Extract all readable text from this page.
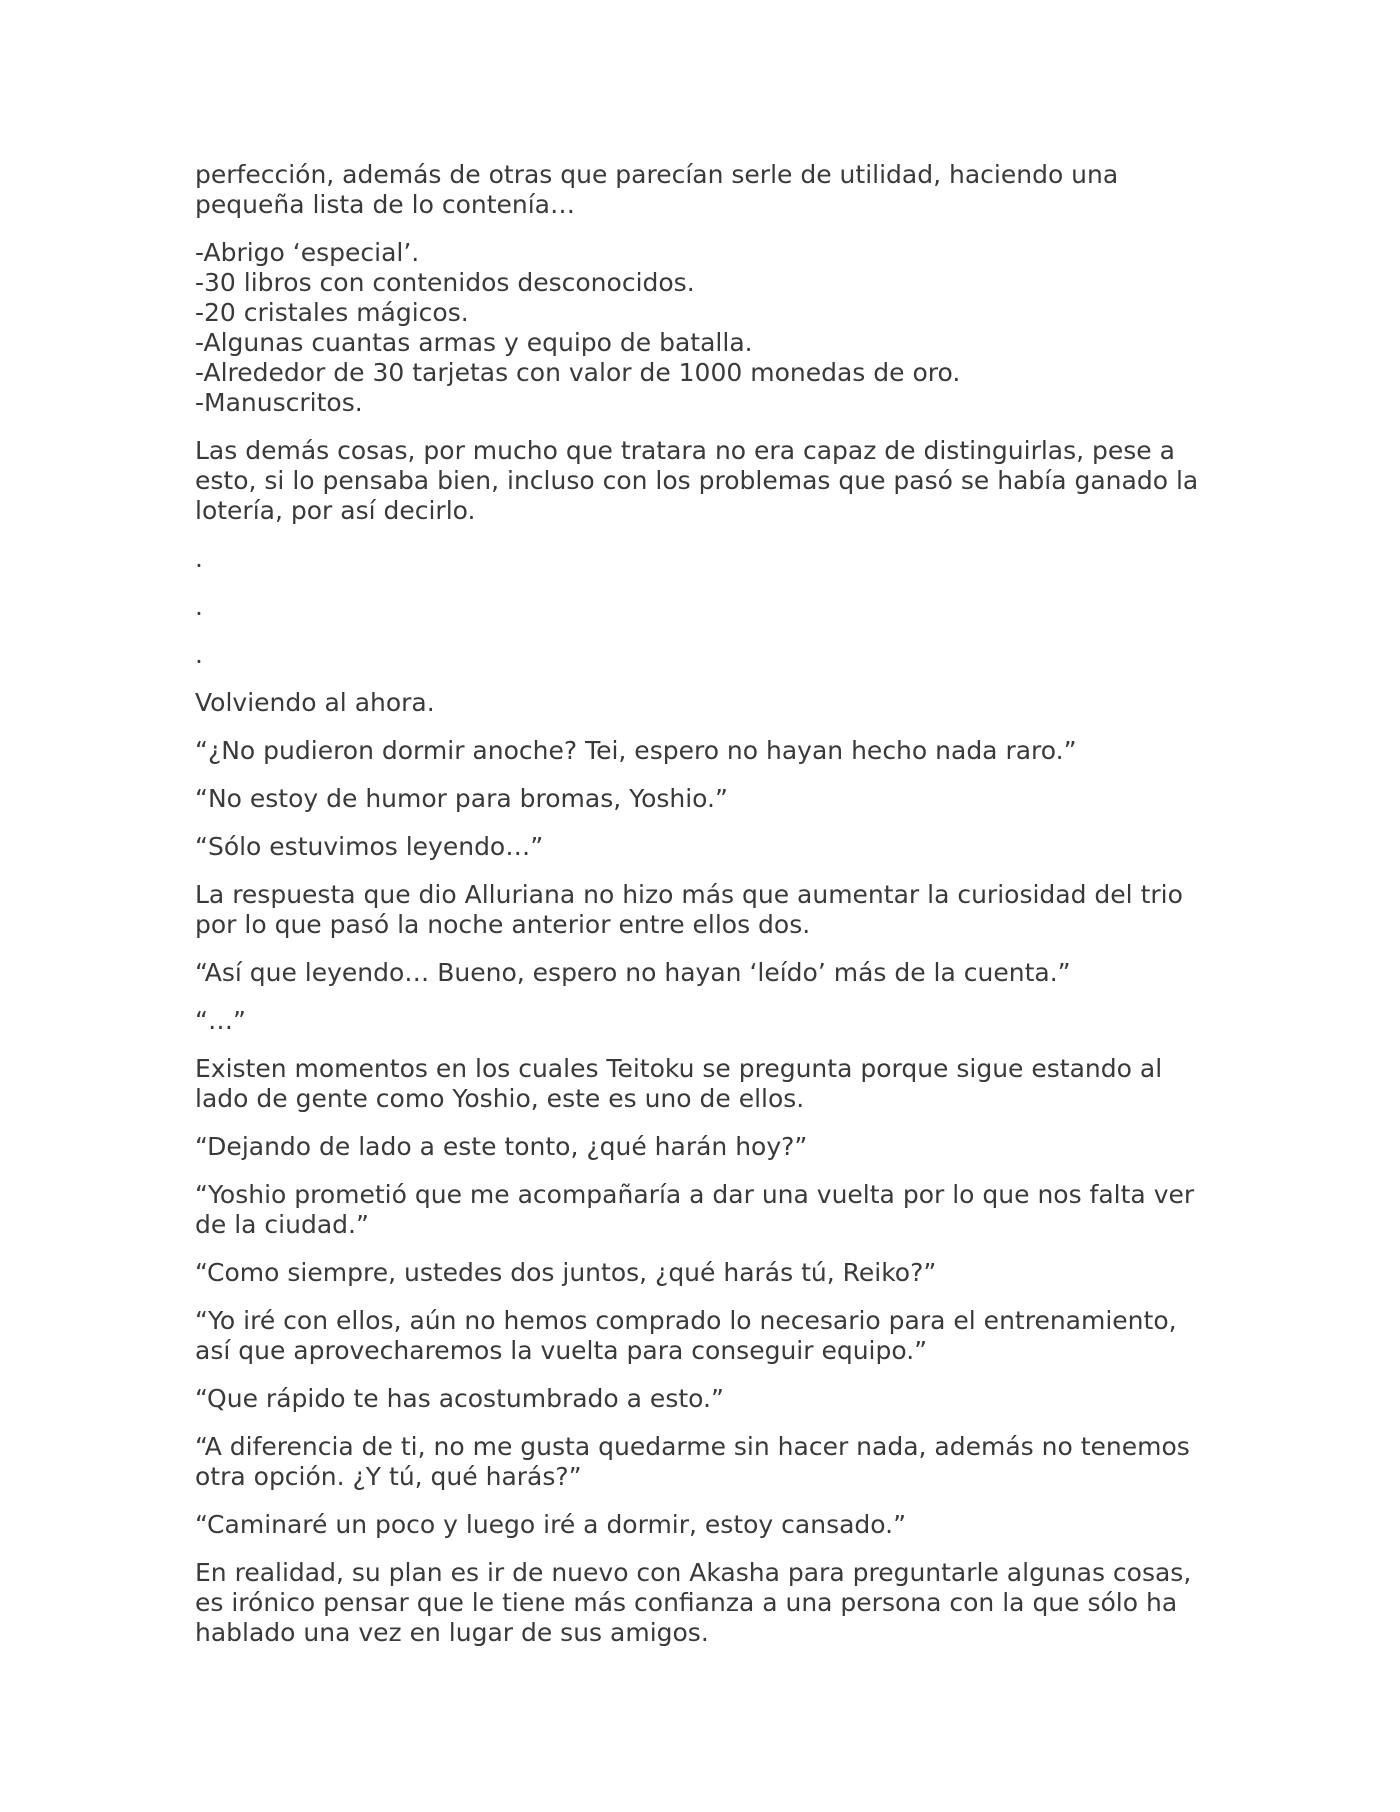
perfección, además de otras que parecían serle de utilidad, haciendo una pequeña lista de lo contenía…

-Abrigo ‘especial’.
-30 libros con contenidos desconocidos.
-20 cristales mágicos.
-Algunas cuantas armas y equipo de batalla.
-Alrededor de 30 tarjetas con valor de 1000 monedas de oro.
-Manuscritos.

Las demás cosas, por mucho que tratara no era capaz de distinguirlas, pese a esto, si lo pensaba bien, incluso con los problemas que pasó se había ganado la lotería, por así decirlo.

.
.
.

Volviendo al ahora.

“¿No pudieron dormir anoche? Tei, espero no hayan hecho nada raro.”

“No estoy de humor para bromas, Yoshio.”

“Sólo estuvimos leyendo…”

La respuesta que dio Alluriana no hizo más que aumentar la curiosidad del trio por lo que pasó la noche anterior entre ellos dos.

“Así que leyendo… Bueno, espero no hayan ‘leído’ más de la cuenta.”

“…”

Existen momentos en los cuales Teitoku se pregunta porque sigue estando al lado de gente como Yoshio, este es uno de ellos.

“Dejando de lado a este tonto, ¿qué harán hoy?”

“Yoshio prometió que me acompañaría a dar una vuelta por lo que nos falta ver de la ciudad.”

“Como siempre, ustedes dos juntos, ¿qué harás tú, Reiko?”

“Yo iré con ellos, aún no hemos comprado lo necesario para el entrenamiento, así que aprovecharemos la vuelta para conseguir equipo.”

“Que rápido te has acostumbrado a esto.”

“A diferencia de ti, no me gusta quedarme sin hacer nada, además no tenemos otra opción. ¿Y tú, qué harás?”

“Caminaré un poco y luego iré a dormir, estoy cansado.”

En realidad, su plan es ir de nuevo con Akasha para preguntarle algunas cosas, es irónico pensar que le tiene más confianza a una persona con la que sólo ha hablado una vez en lugar de sus amigos.
